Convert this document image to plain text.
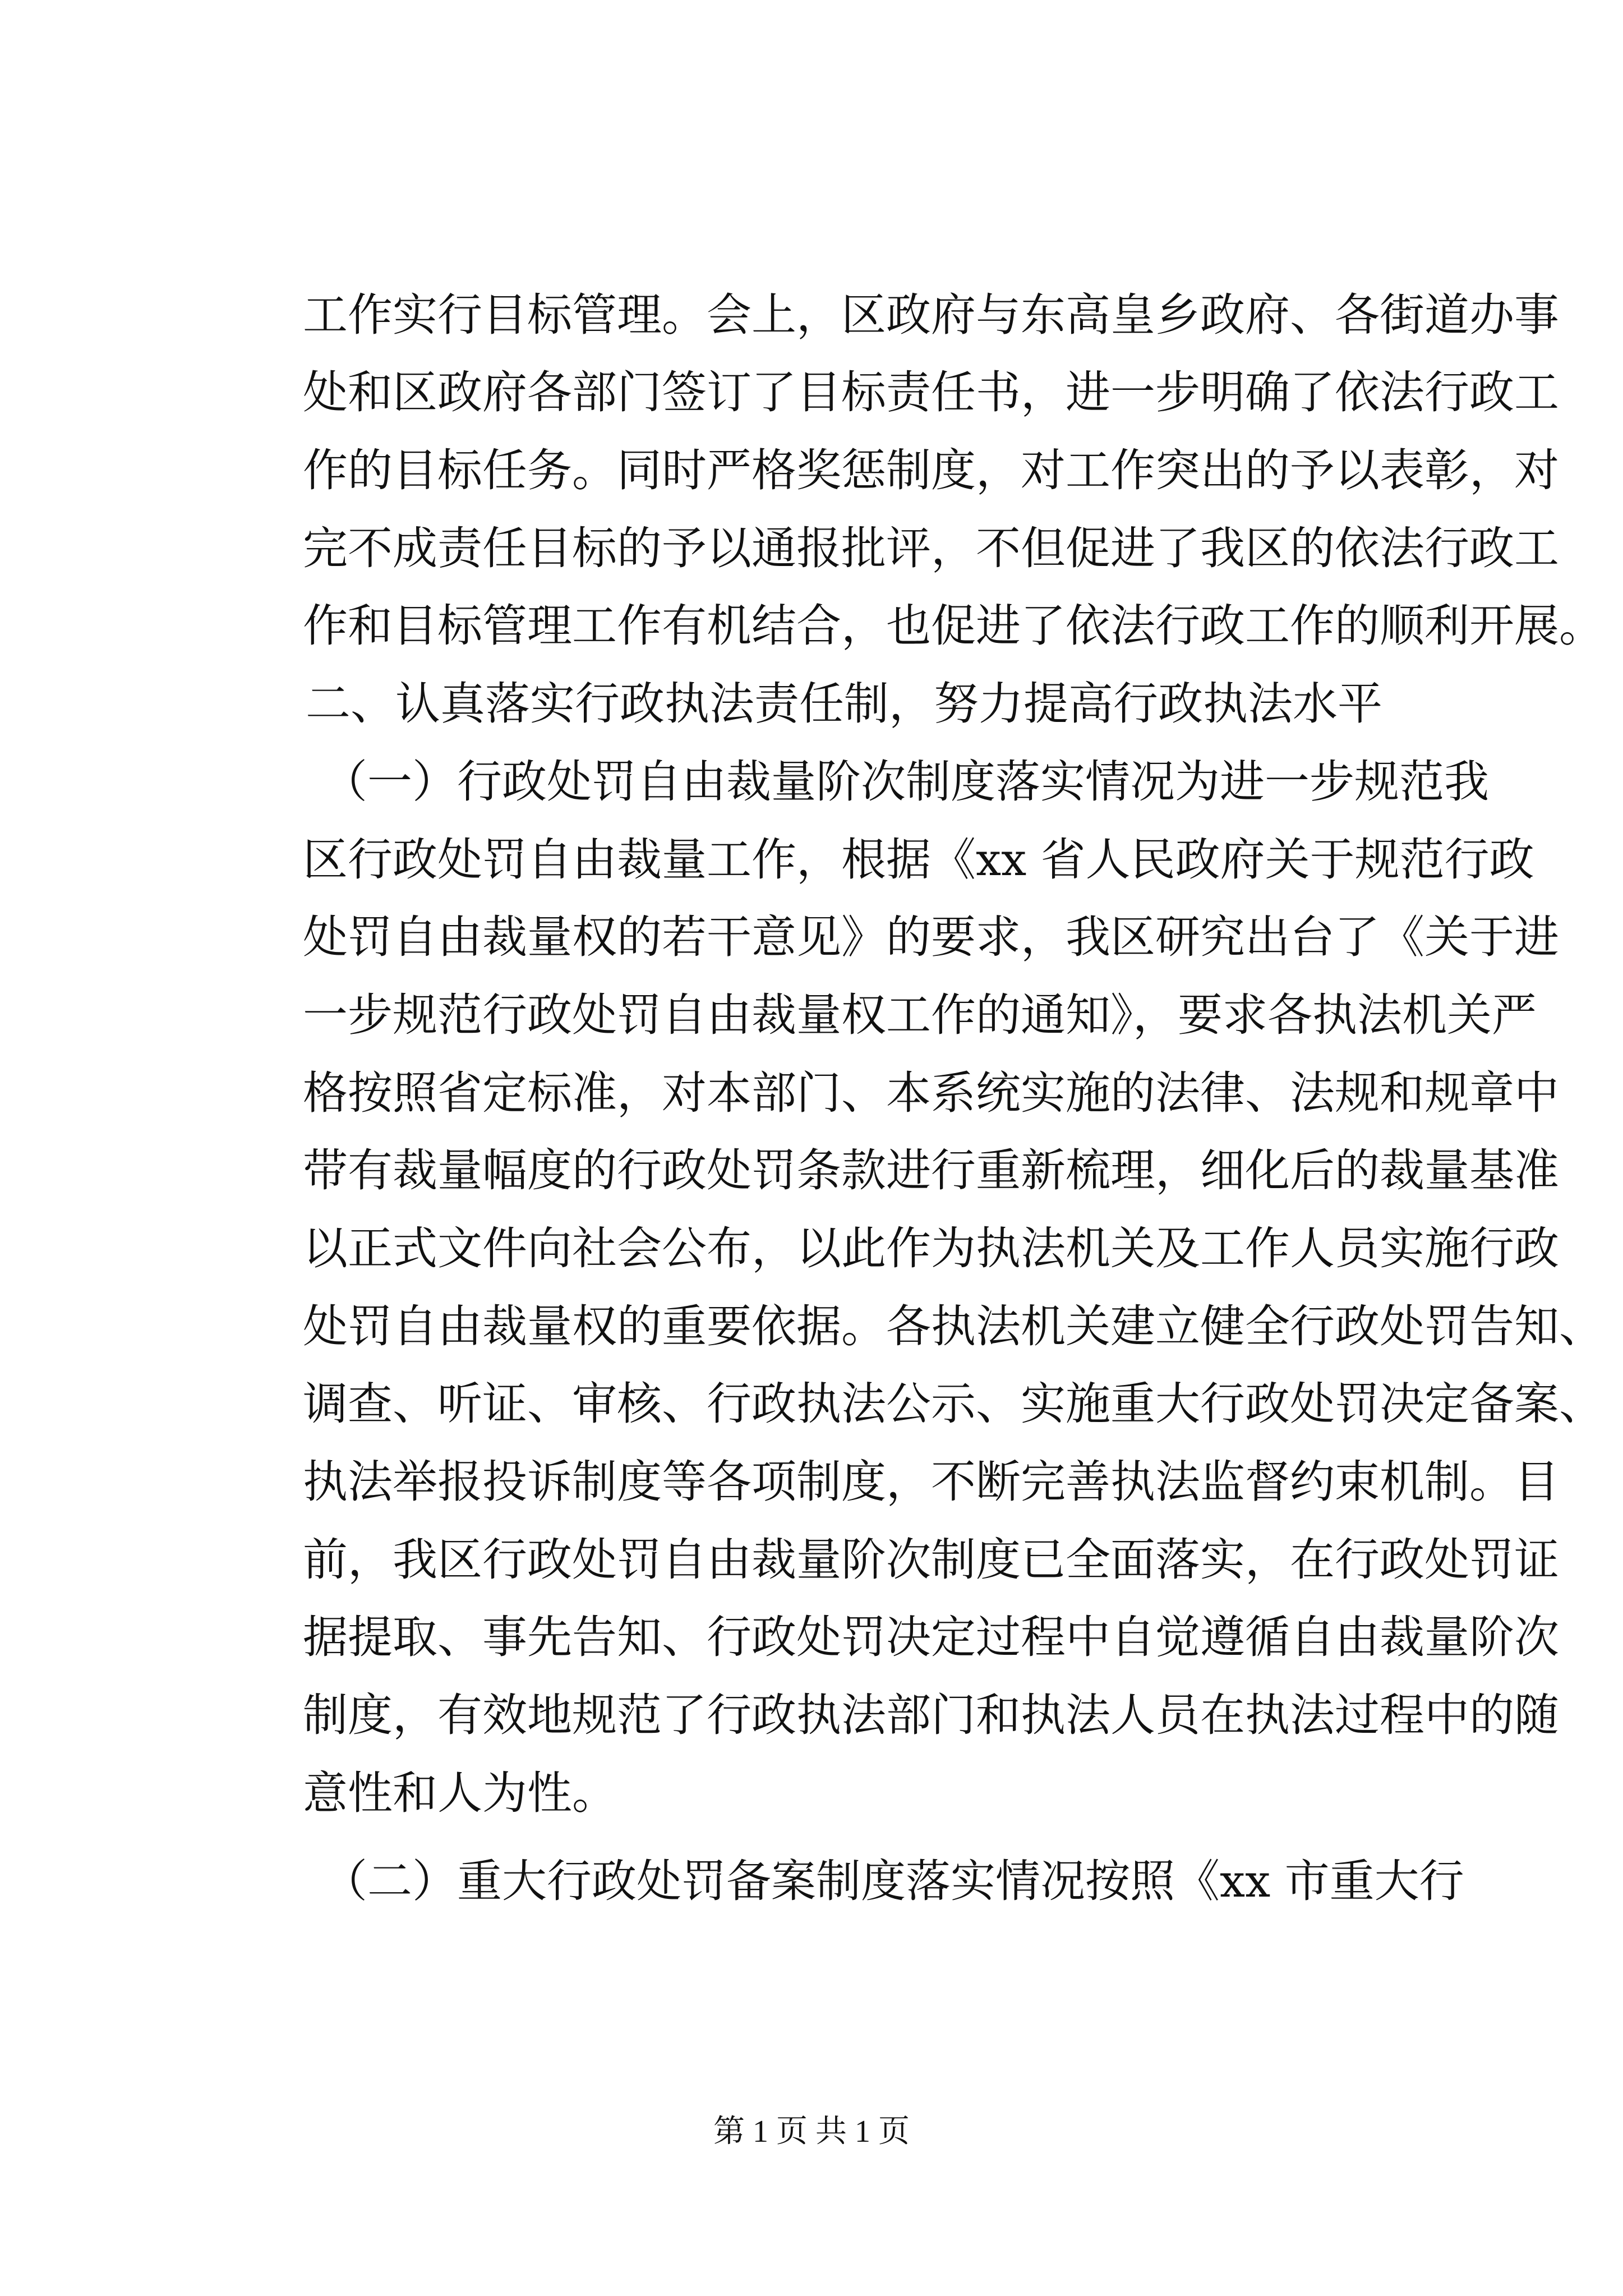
工作实行目标管理。会上，区政府与东高皇乡政府、各街道办事
处和区政府各部门签订了目标责任书，进一步明确了依法行政工
作的目标任务。同时严格奖惩制度，对工作突出的予以表彰，对
完不成责任目标的予以通报批评，不但促进了我区的依法行政工
作和目标管理工作有机结合，也促进了依法行政工作的顺利开展。
二、认真落实行政执法责任制，努力提高行政执法水平
（一）行政处罚自由裁量阶次制度落实情况为进一步规范我
区行政处罚自由裁量工作，根据《xx 省人民政府关于规范行政
处罚自由裁量权的若干意见》的要求，我区研究出台了《关于进
一步规范行政处罚自由裁量权工作的通知》，要求各执法机关严
格按照省定标准，对本部门、本系统实施的法律、法规和规章中
带有裁量幅度的行政处罚条款进行重新梳理，细化后的裁量基准
以正式文件向社会公布，以此作为执法机关及工作人员实施行政
处罚自由裁量权的重要依据。各执法机关建立健全行政处罚告知、
调查、听证、审核、行政执法公示、实施重大行政处罚决定备案、
执法举报投诉制度等各项制度，不断完善执法监督约束机制。目
前，我区行政处罚自由裁量阶次制度已全面落实，在行政处罚证
据提取、事先告知、行政处罚决定过程中自觉遵循自由裁量阶次
制度，有效地规范了行政执法部门和执法人员在执法过程中的随
意性和人为性。
（二）重大行政处罚备案制度落实情况按照《xx 市重大行
第 1 页 共 1 页
